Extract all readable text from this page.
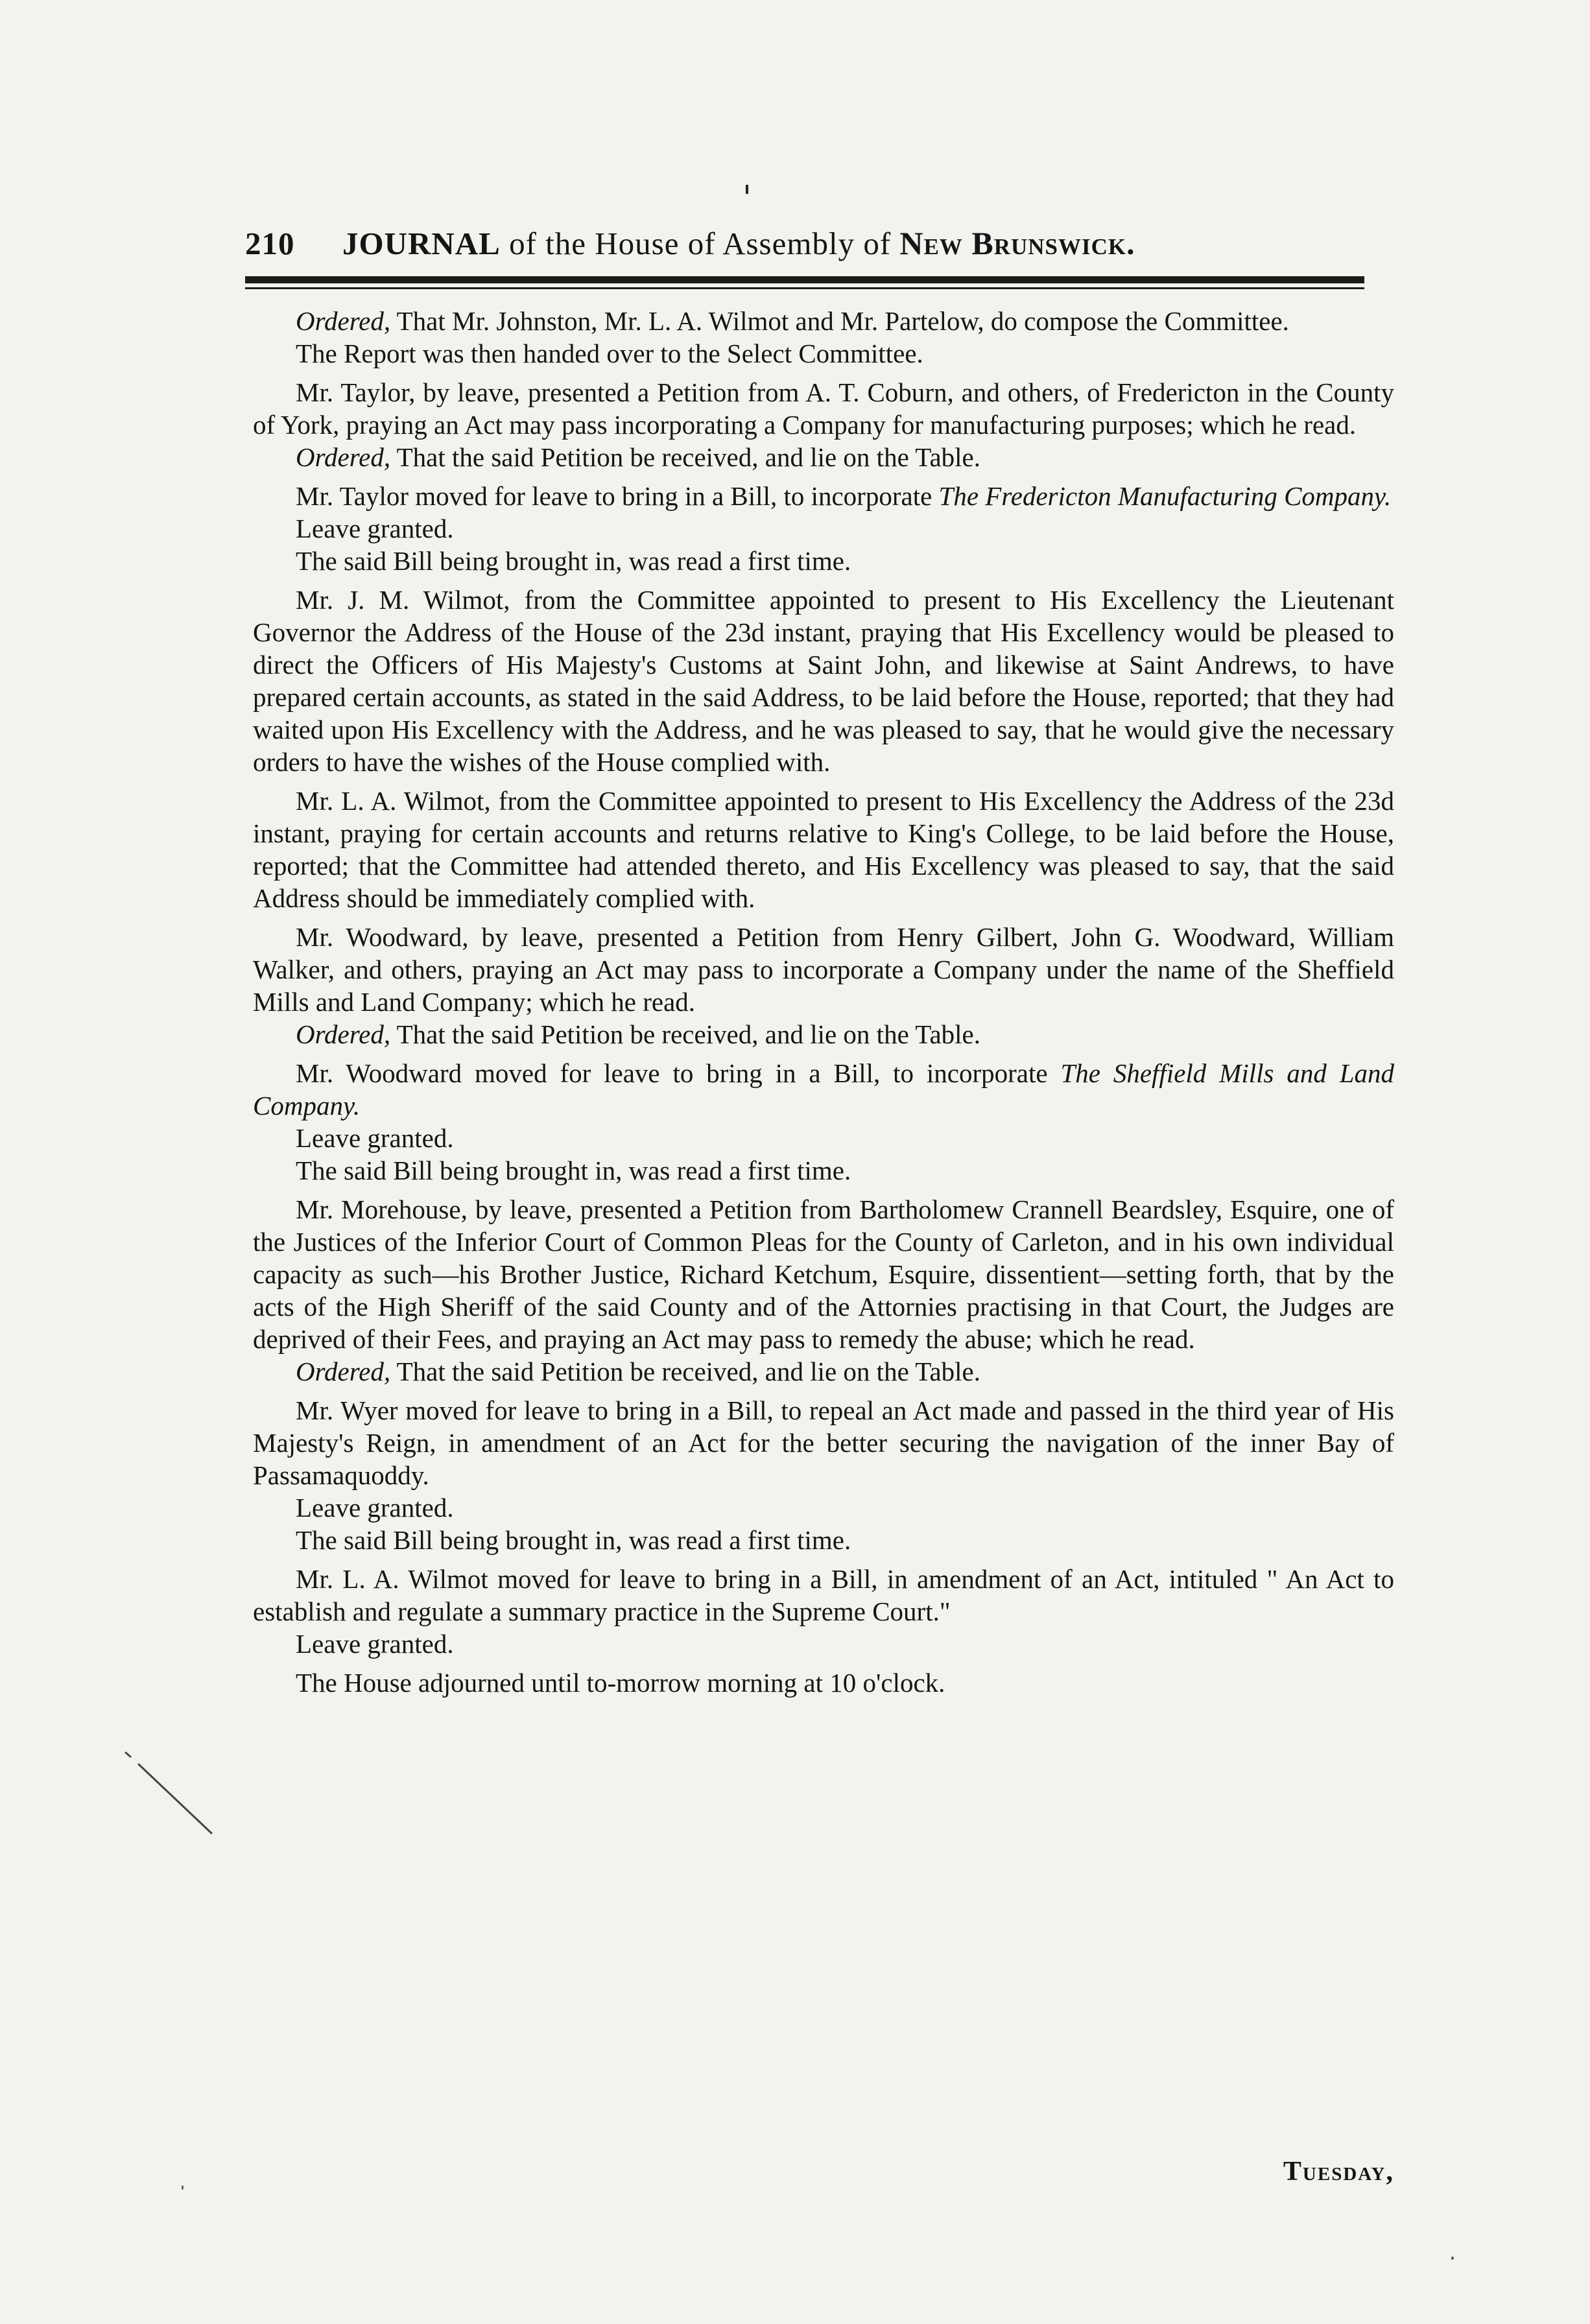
210	JOURNAL of the House of Assembly of New Brunswick.

Ordered, That Mr. Johnston, Mr. L. A. Wilmot and Mr. Partelow, do compose the Committee.

The Report was then handed over to the Select Committee.

Mr. Taylor, by leave, presented a Petition from A. T. Coburn, and others, of Fredericton in the County of York, praying an Act may pass incorporating a Company for manufacturing purposes; which he read.

Ordered, That the said Petition be received, and lie on the Table.

Mr. Taylor moved for leave to bring in a Bill, to incorporate The Fredericton Manufacturing Company.

Leave granted.

The said Bill being brought in, was read a first time.

Mr. J. M. Wilmot, from the Committee appointed to present to His Excellency the Lieutenant Governor the Address of the House of the 23d instant, praying that His Excellency would be pleased to direct the Officers of His Majesty's Customs at Saint John, and likewise at Saint Andrews, to have prepared certain accounts, as stated in the said Address, to be laid before the House, reported; that they had waited upon His Excellency with the Address, and he was pleased to say, that he would give the necessary orders to have the wishes of the House complied with.

Mr. L. A. Wilmot, from the Committee appointed to present to His Excellency the Address of the 23d instant, praying for certain accounts and returns relative to King's College, to be laid before the House, reported; that the Committee had attended thereto, and His Excellency was pleased to say, that the said Address should be immediately complied with.

Mr. Woodward, by leave, presented a Petition from Henry Gilbert, John G. Woodward, William Walker, and others, praying an Act may pass to incorporate a Company under the name of the Sheffield Mills and Land Company; which he read.

Ordered, That the said Petition be received, and lie on the Table.

Mr. Woodward moved for leave to bring in a Bill, to incorporate The Sheffield Mills and Land Company.

Leave granted.

The said Bill being brought in, was read a first time.

Mr. Morehouse, by leave, presented a Petition from Bartholomew Crannell Beardsley, Esquire, one of the Justices of the Inferior Court of Common Pleas for the County of Carleton, and in his own individual capacity as such—his Brother Justice, Richard Ketchum, Esquire, dissentient—setting forth, that by the acts of the High Sheriff of the said County and of the Attornies practising in that Court, the Judges are deprived of their Fees, and praying an Act may pass to remedy the abuse; which he read.

Ordered, That the said Petition be received, and lie on the Table.

Mr. Wyer moved for leave to bring in a Bill, to repeal an Act made and passed in the third year of His Majesty's Reign, in amendment of an Act for the better securing the navigation of the inner Bay of Passamaquoddy.

Leave granted.

The said Bill being brought in, was read a first time.

Mr. L. A. Wilmot moved for leave to bring in a Bill, in amendment of an Act, intituled " An Act to establish and regulate a summary practice in the Supreme Court."

Leave granted.

The House adjourned until to-morrow morning at 10 o'clock.

Tuesday,
